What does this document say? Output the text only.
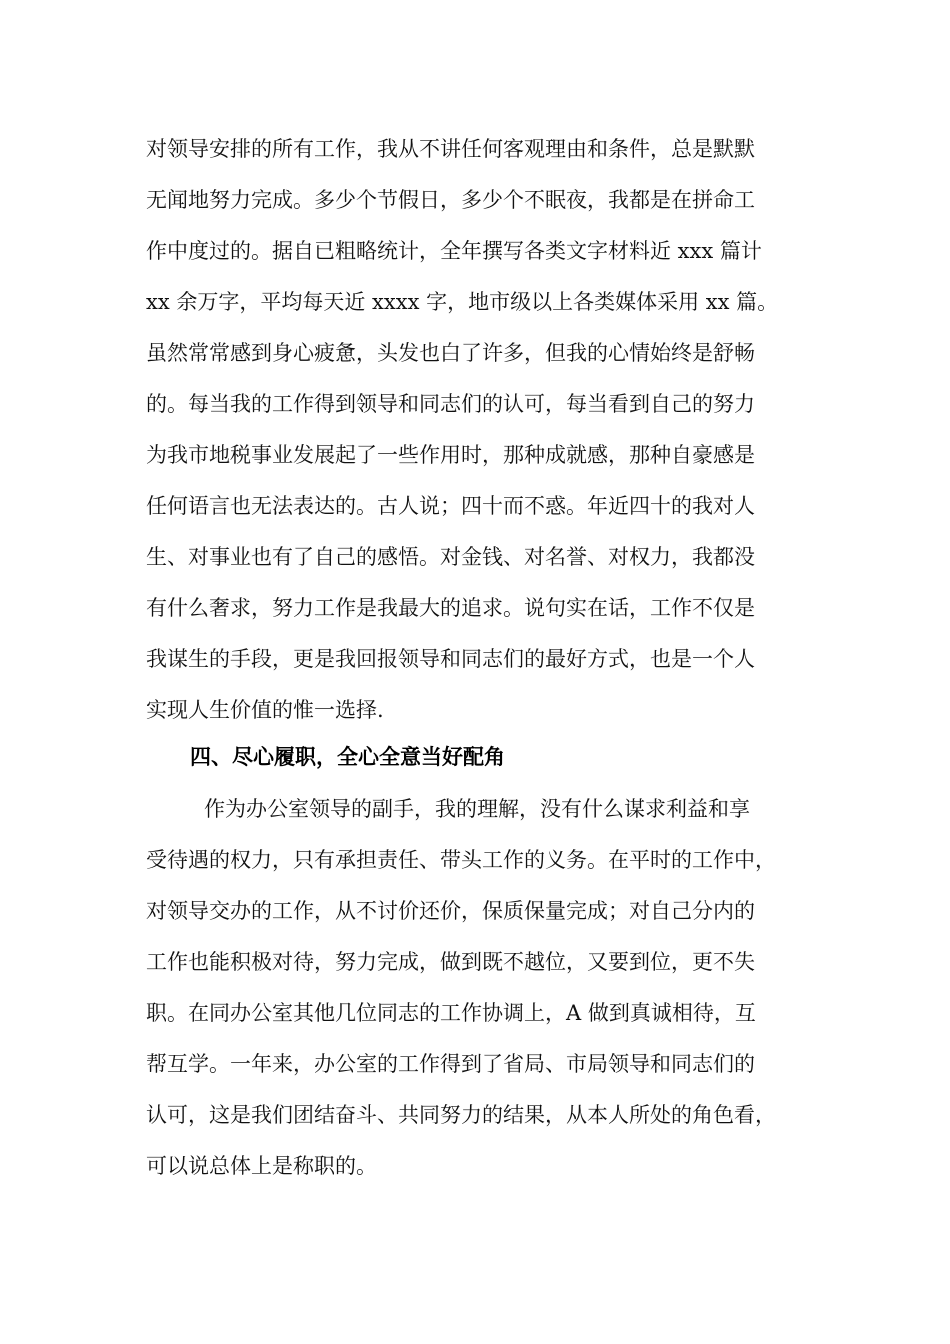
对领导安排的所有工作，我从不讲任何客观理由和条件，总是默默
无闻地努力完成。多少个节假日，多少个不眠夜，我都是在拼命工
作中度过的。据自已粗略统计，全年撰写各类文字材料近 xxx 篇计
xx 余万字，平均每天近 xxxx 字，地市级以上各类媒体采用 xx 篇。
虽然常常感到身心疲惫，头发也白了许多，但我的心情始终是舒畅
的。每当我的工作得到领导和同志们的认可，每当看到自己的努力
为我市地税事业发展起了一些作用时，那种成就感，那种自豪感是
任何语言也无法表达的。古人说；四十而不惑。年近四十的我对人
生、对事业也有了自己的感悟。对金钱、对名誉、对权力，我都没
有什么奢求，努力工作是我最大的追求。说句实在话，工作不仅是
我谋生的手段，更是我回报领导和同志们的最好方式，也是一个人
实现人生价值的惟一选择.
四、尽心履职，全心全意当好配角
作为办公室领导的副手，我的理解，没有什么谋求利益和享
受待遇的权力，只有承担责任、带头工作的义务。在平时的工作中，
对领导交办的工作，从不讨价还价，保质保量完成；对自己分内的
工作也能积极对待，努力完成，做到既不越位，又要到位，更不失
职。在同办公室其他几位同志的工作协调上，A 做到真诚相待，互
帮互学。一年来，办公室的工作得到了省局、市局领导和同志们的
认可，这是我们团结奋斗、共同努力的结果，从本人所处的角色看，
可以说总体上是称职的。
